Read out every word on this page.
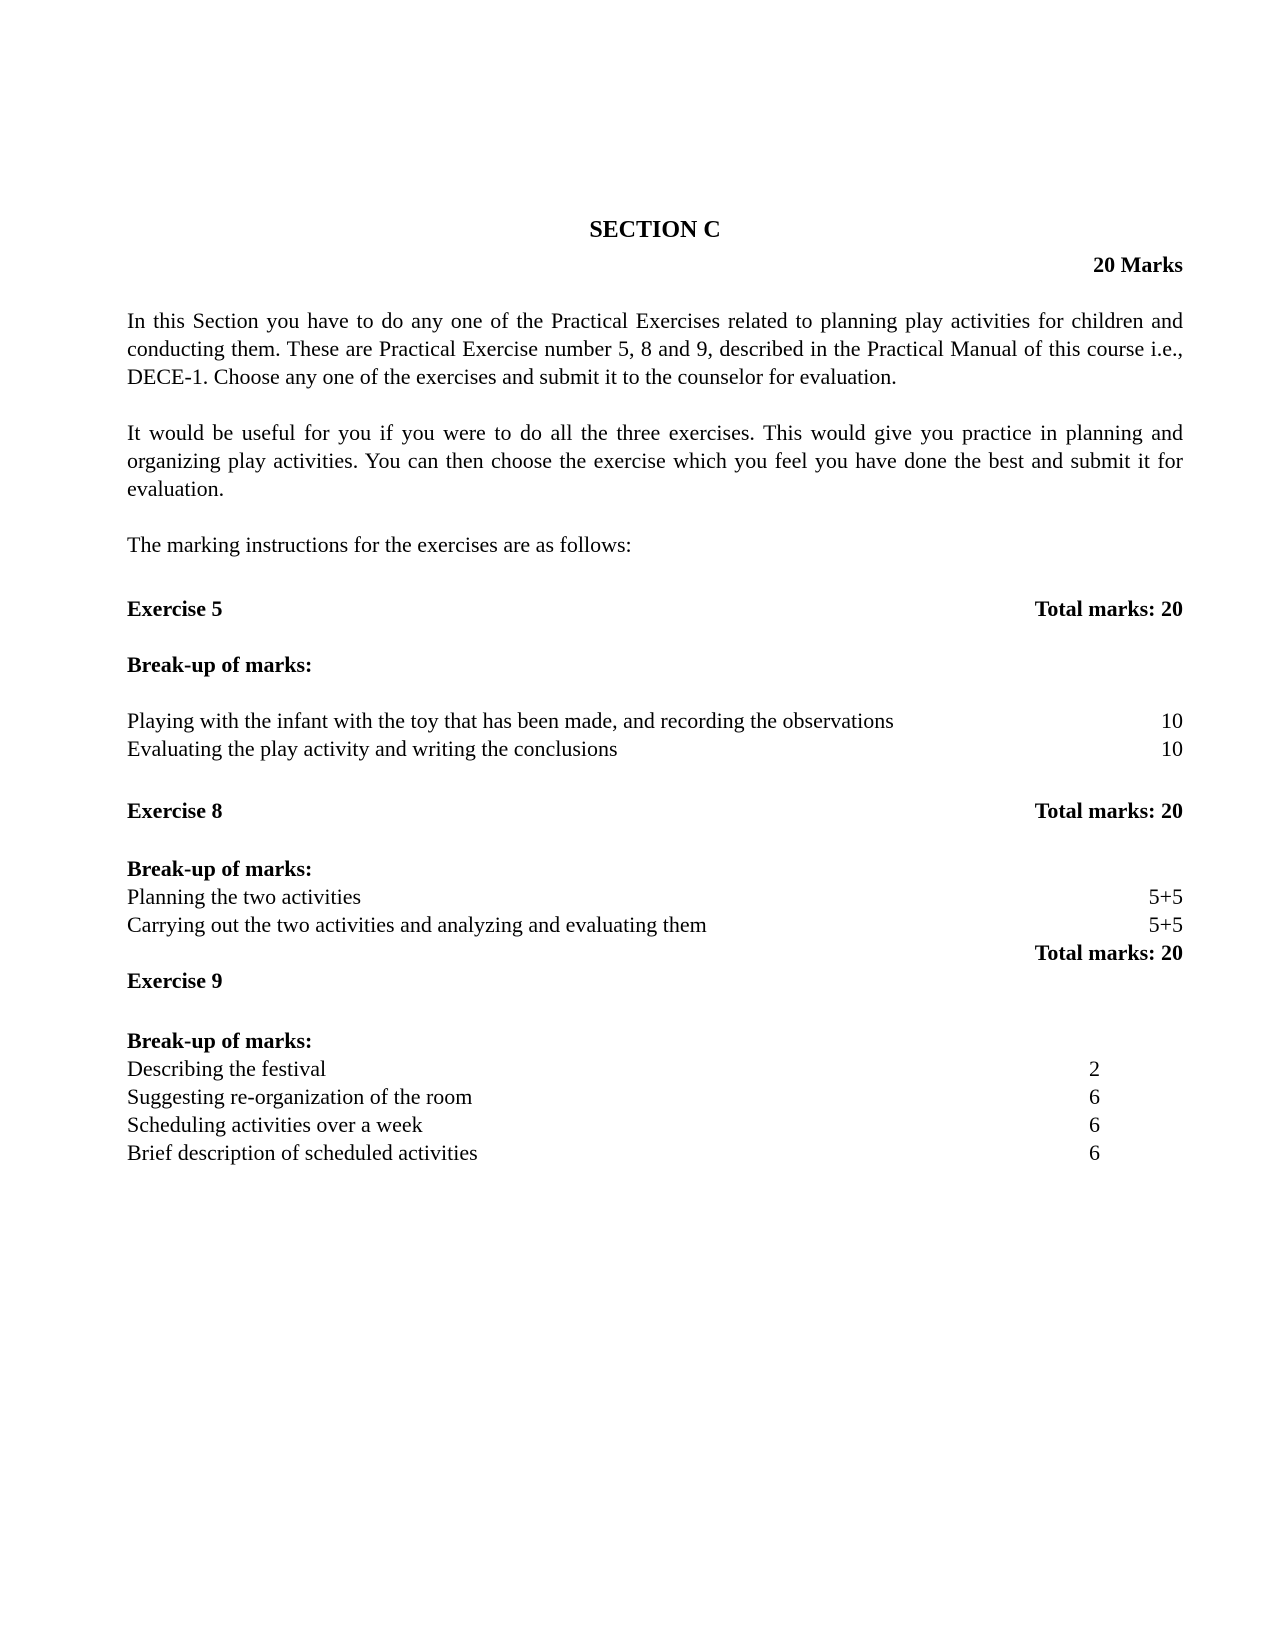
SECTION C
20 Marks

In this Section you have to do any one of the Practical Exercises related to planning play activities for children and conducting them. These are Practical Exercise number 5, 8 and 9, described in the Practical Manual of this course i.e., DECE-1. Choose any one of the exercises and submit it to the counselor for evaluation.

It would be useful for you if you were to do all the three exercises. This would give you practice in planning and organizing play activities. You can then choose the exercise which you feel you have done the best and submit it for evaluation.

The marking instructions for the exercises are as follows:

Exercise 5	Total marks: 20
Break-up of marks:
Playing with the infant with the toy that has been made, and recording the observations	10
Evaluating the play activity and writing the conclusions	10
Exercise 8	Total marks: 20
Break-up of marks:
Planning the two activities	5+5
Carrying out the two activities and analyzing and evaluating them	5+5
Total marks: 20
Exercise 9
Break-up of marks:
Describing the festival	2
Suggesting re-organization of the room	6
Scheduling activities over a week	6
Brief description of scheduled activities	6
